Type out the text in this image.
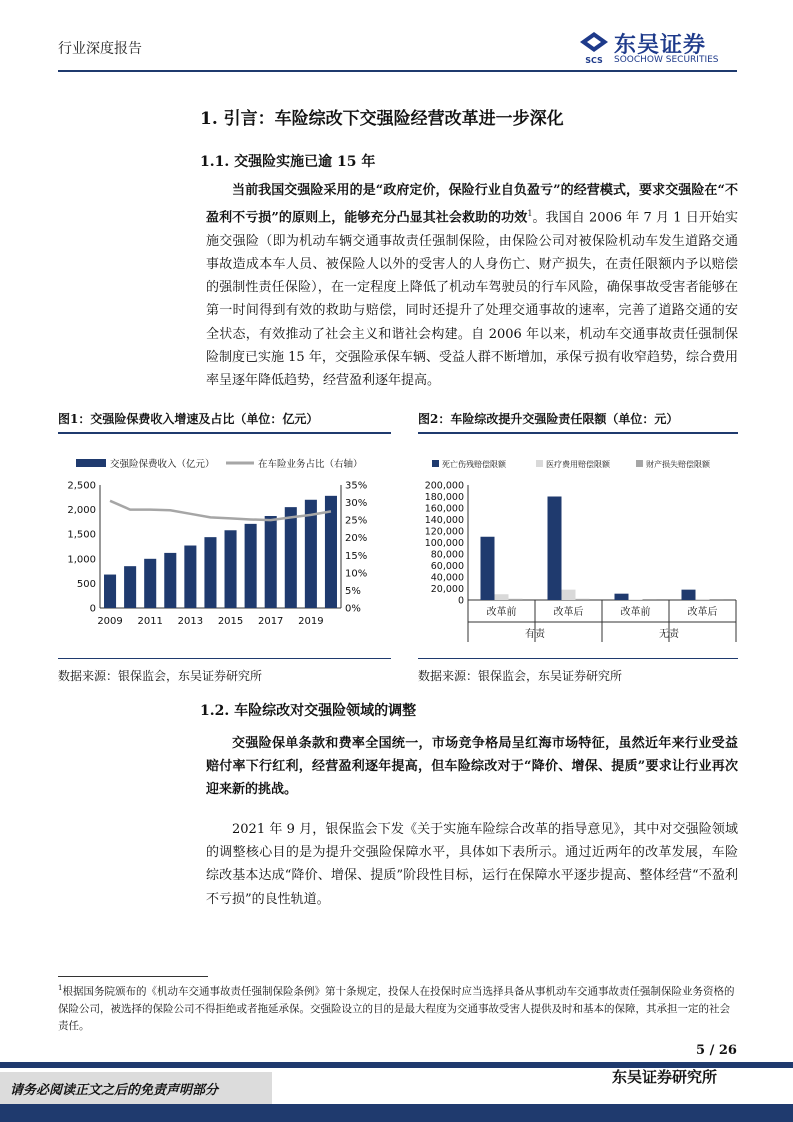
行业深度报告
SCS
东吴证券
SOOCHOW SECURITIES
1. 引言：车险综改下交强险经营改革进一步深化
1.1. 交强险实施已逾 15 年
当前我国交强险采用的是“政府定价，保险行业自负盈亏”的经营模式，要求交强险在“不盈利不亏损”的原则上，能够充分凸显其社会救助的功效$^1$。我国自 2006 年 7 月 1 日开始实施交强险（即为机动车辆交通事故责任强制保险，由保险公司对被保险机动车发生道路交通事故造成本车人员、被保险人以外的受害人的人身伤亡、财产损失，在责任限额内予以赔偿的强制性责任保险），在一定程度上降低了机动车驾驶员的行车风险，确保事故受害者能够在第一时间得到有效的救助与赔偿，同时还提升了处理交通事故的速率，完善了道路交通的安全状态，有效推动了社会主义和谐社会构建。自 2006 年以来，机动车交通事故责任强制保险制度已实施 15 年，交强险承保车辆、受益人群不断增加，承保亏损有收窄趋势，综合费用率呈逐年降低趋势，经营盈利逐年提高。
图1：交强险保费收入增速及占比（单位：亿元）
交强险保费收入（亿元）	在车险业务占比（右轴）
0
500
1,000
1,500
2,000
2,500
0%
5%
10%
15%
20%
25%
30%
35%
2009 2011 2013 2015 2017 2019
数据来源：银保监会，东吴证券研究所
图2：车险综改提升交强险责任限额（单位：元）
死亡伤残赔偿限额	医疗费用赔偿限额	财产损失赔偿限额
0
20,000
40,000
60,000
80,000
100,000
120,000
140,000
160,000
180,000
200,000
改革前	改革后	改革前	改革后
有责	无责
数据来源：银保监会，东吴证券研究所
1.2. 车险综改对交强险领域的调整
交强险保单条款和费率全国统一，市场竞争格局呈红海市场特征，虽然近年来行业受益赔付率下行红利，经营盈利逐年提高，但车险综改对于“降价、增保、提质”要求让行业再次迎来新的挑战。
2021 年 9 月，银保监会下发《关于实施车险综合改革的指导意见》，其中对交强险领域的调整核心目的是为提升交强险保障水平，具体如下表所示。通过近两年的改革发展，车险综改基本达成“降价、增保、提质”阶段性目标，运行在保障水平逐步提高、整体经营“不盈利不亏损”的良性轨道。
$^1$根据国务院颁布的《机动车交通事故责任强制保险条例》第十条规定，投保人在投保时应当选择具备从事机动车交通事故责任强制保险业务资格的保险公司，被选择的保险公司不得拒绝或者拖延承保。交强险设立的目的是最大程度为交通事故受害人提供及时和基本的保障，其承担一定的社会责任。
5 / 26
请务必阅读正文之后的免责声明部分
东吴证券研究所
